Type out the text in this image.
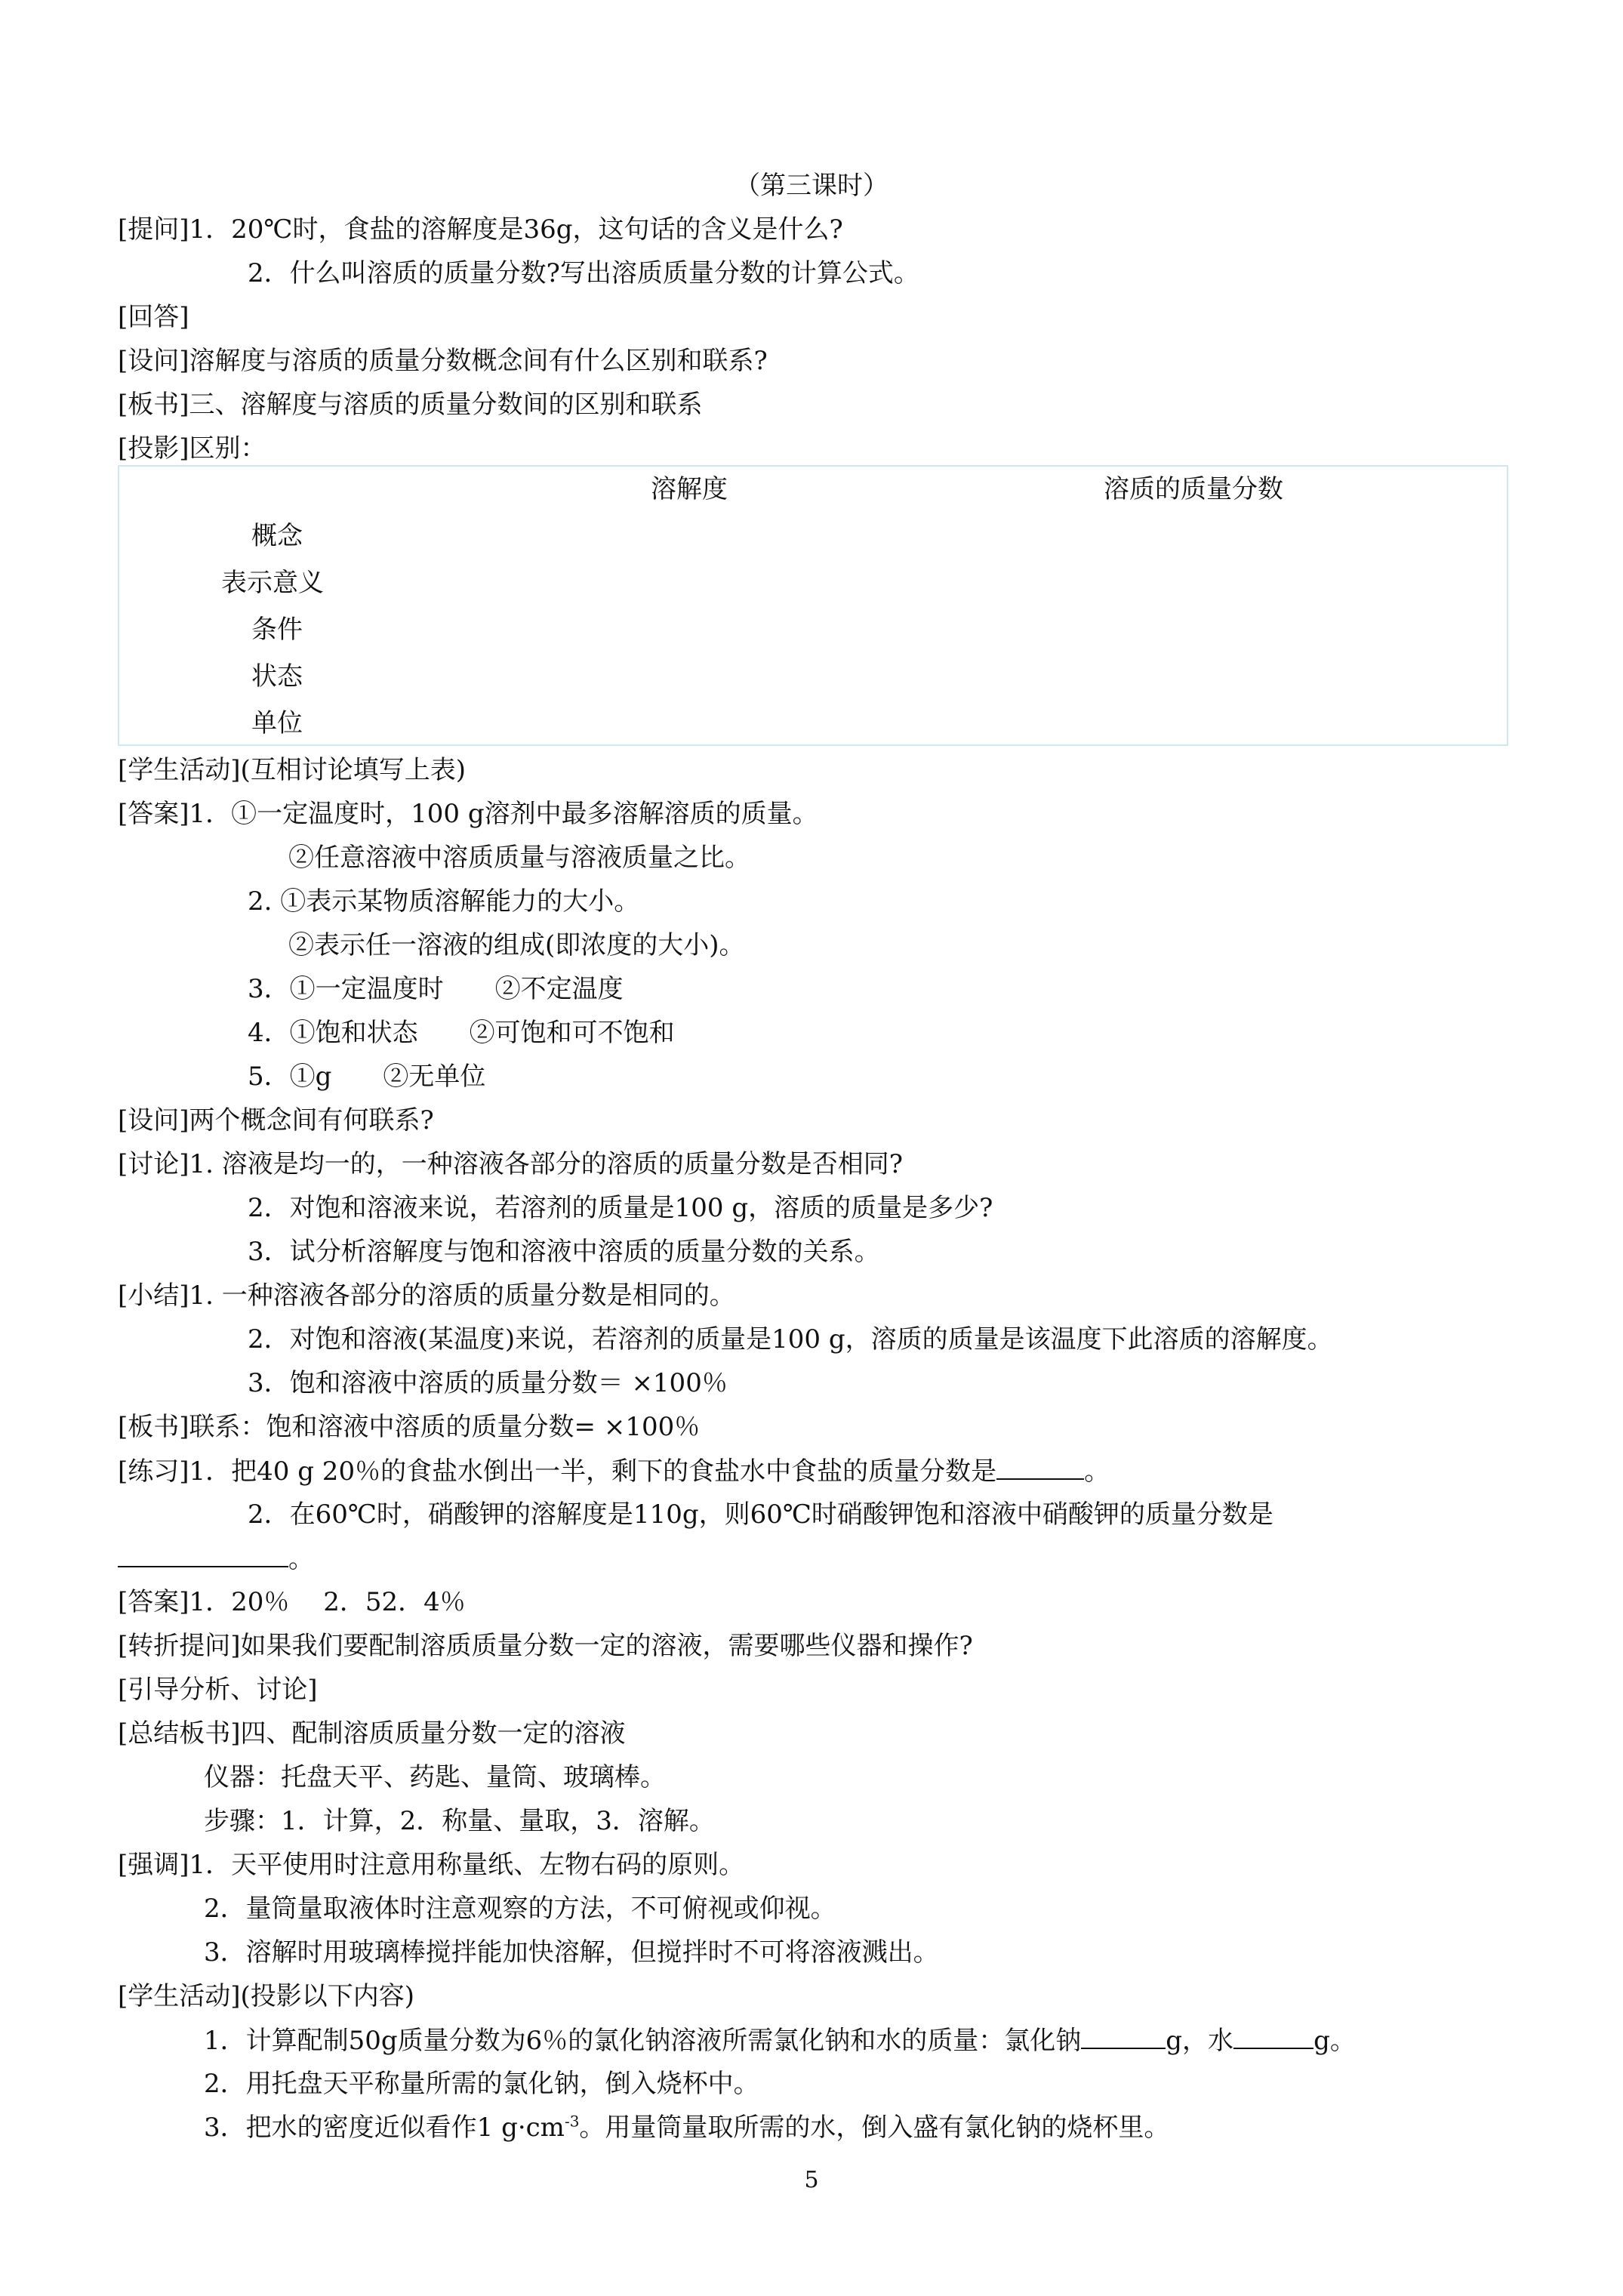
（第三课时）
[提问]1．20℃时，食盐的溶解度是36g，这句话的含义是什么?
2．什么叫溶质的质量分数?写出溶质质量分数的计算公式。
[回答]
[设问]溶解度与溶质的质量分数概念间有什么区别和联系?
[板书]三、溶解度与溶质的质量分数间的区别和联系
[投影]区别：
溶解度	溶质的质量分数
概念
表示意义
条件
状态
单位
[学生活动](互相讨论填写上表)
[答案]1．①一定温度时，100 g溶剂中最多溶解溶质的质量。
②任意溶液中溶质质量与溶液质量之比。
2. ①表示某物质溶解能力的大小。
②表示任一溶液的组成(即浓度的大小)。
3．①一定温度时　　②不定温度
4．①饱和状态　　②可饱和可不饱和
5．①g　　②无单位
[设问]两个概念间有何联系?
[讨论]1. 溶液是均一的，一种溶液各部分的溶质的质量分数是否相同?
2．对饱和溶液来说，若溶剂的质量是100 g，溶质的质量是多少?
3．试分析溶解度与饱和溶液中溶质的质量分数的关系。
[小结]1. 一种溶液各部分的溶质的质量分数是相同的。
2．对饱和溶液(某温度)来说，若溶剂的质量是100 g，溶质的质量是该温度下此溶质的溶解度。
3．饱和溶液中溶质的质量分数＝ ×100％
[板书]联系：饱和溶液中溶质的质量分数= ×100％
[练习]1．把40 g 20％的食盐水倒出一半，剩下的食盐水中食盐的质量分数是	。
2．在60℃时，硝酸钾的溶解度是110g，则60℃时硝酸钾饱和溶液中硝酸钾的质量分数是
。
[答案]1．20％　 2．52．4％
[转折提问]如果我们要配制溶质质量分数一定的溶液，需要哪些仪器和操作?
[引导分析、讨论]
[总结板书]四、配制溶质质量分数一定的溶液
仪器：托盘天平、药匙、量筒、玻璃棒。
步骤：1．计算，2．称量、量取，3．溶解。
[强调]1．天平使用时注意用称量纸、左物右码的原则。
2．量筒量取液体时注意观察的方法，不可俯视或仰视。
3．溶解时用玻璃棒搅拌能加快溶解，但搅拌时不可将溶液溅出。
[学生活动](投影以下内容)
1．计算配制50g质量分数为6％的氯化钠溶液所需氯化钠和水的质量：氯化钠	g，水	g。
2．用托盘天平称量所需的氯化钠，倒入烧杯中。
3．把水的密度近似看作1 $g\cdot cm^{-3}$。用量筒量取所需的水，倒入盛有氯化钠的烧杯里。
5
